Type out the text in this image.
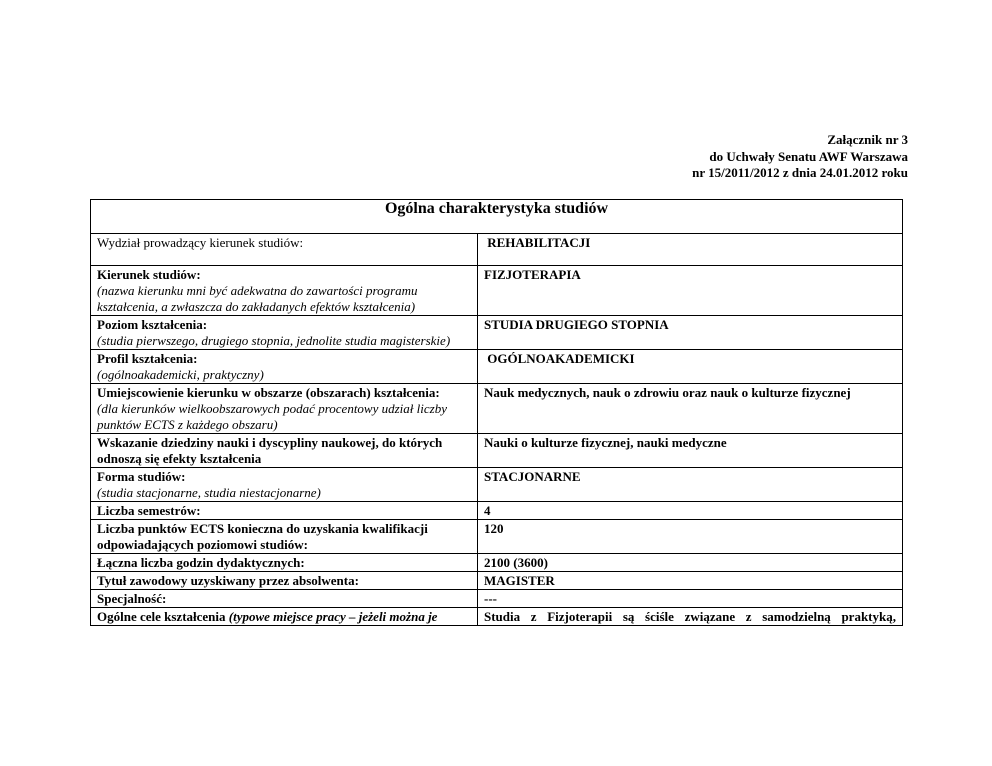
Załącznik nr 3
do Uchwały Senatu AWF Warszawa
nr 15/2011/2012 z dnia 24.01.2012 roku
Ogólna charakterystyka studiów	
Wydział prowadzący kierunek studiów:	REHABILITACJI
Kierunek studiów:
(nazwa kierunku mni być adekwatna do zawartości programu kształcenia, a zwłaszcza do zakładanych efektów kształcenia)	FIZJOTERAPIA
Poziom kształcenia:
(studia pierwszego, drugiego stopnia, jednolite studia magisterskie)	STUDIA DRUGIEGO STOPNIA
Profil kształcenia:
(ogólnoakademicki, praktyczny)	OGÓLNOAKADEMICKI
Umiejscowienie kierunku w obszarze (obszarach) kształcenia:
(dla kierunków wielkoobszarowych podać procentowy udział liczby punktów ECTS z każdego obszaru)	Nauk medycznych, nauk o zdrowiu oraz nauk o kulturze fizycznej
Wskazanie dziedziny nauki i dyscypliny naukowej, do których odnoszą się efekty kształcenia	Nauki o kulturze fizycznej, nauki medyczne
Forma studiów:
(studia stacjonarne, studia niestacjonarne)	STACJONARNE
Liczba semestrów:	4
Liczba punktów ECTS konieczna do uzyskania kwalifikacji odpowiadających poziomowi studiów:	120
Łączna liczba godzin dydaktycznych:	2100 (3600)
Tytuł zawodowy uzyskiwany przez absolwenta:	MAGISTER
Specjalność:	---
Ogólne cele kształcenia (typowe miejsce pracy – jeżeli można je	Studia z Fizjoterapii są ściśle związane z samodzielną praktyką,
